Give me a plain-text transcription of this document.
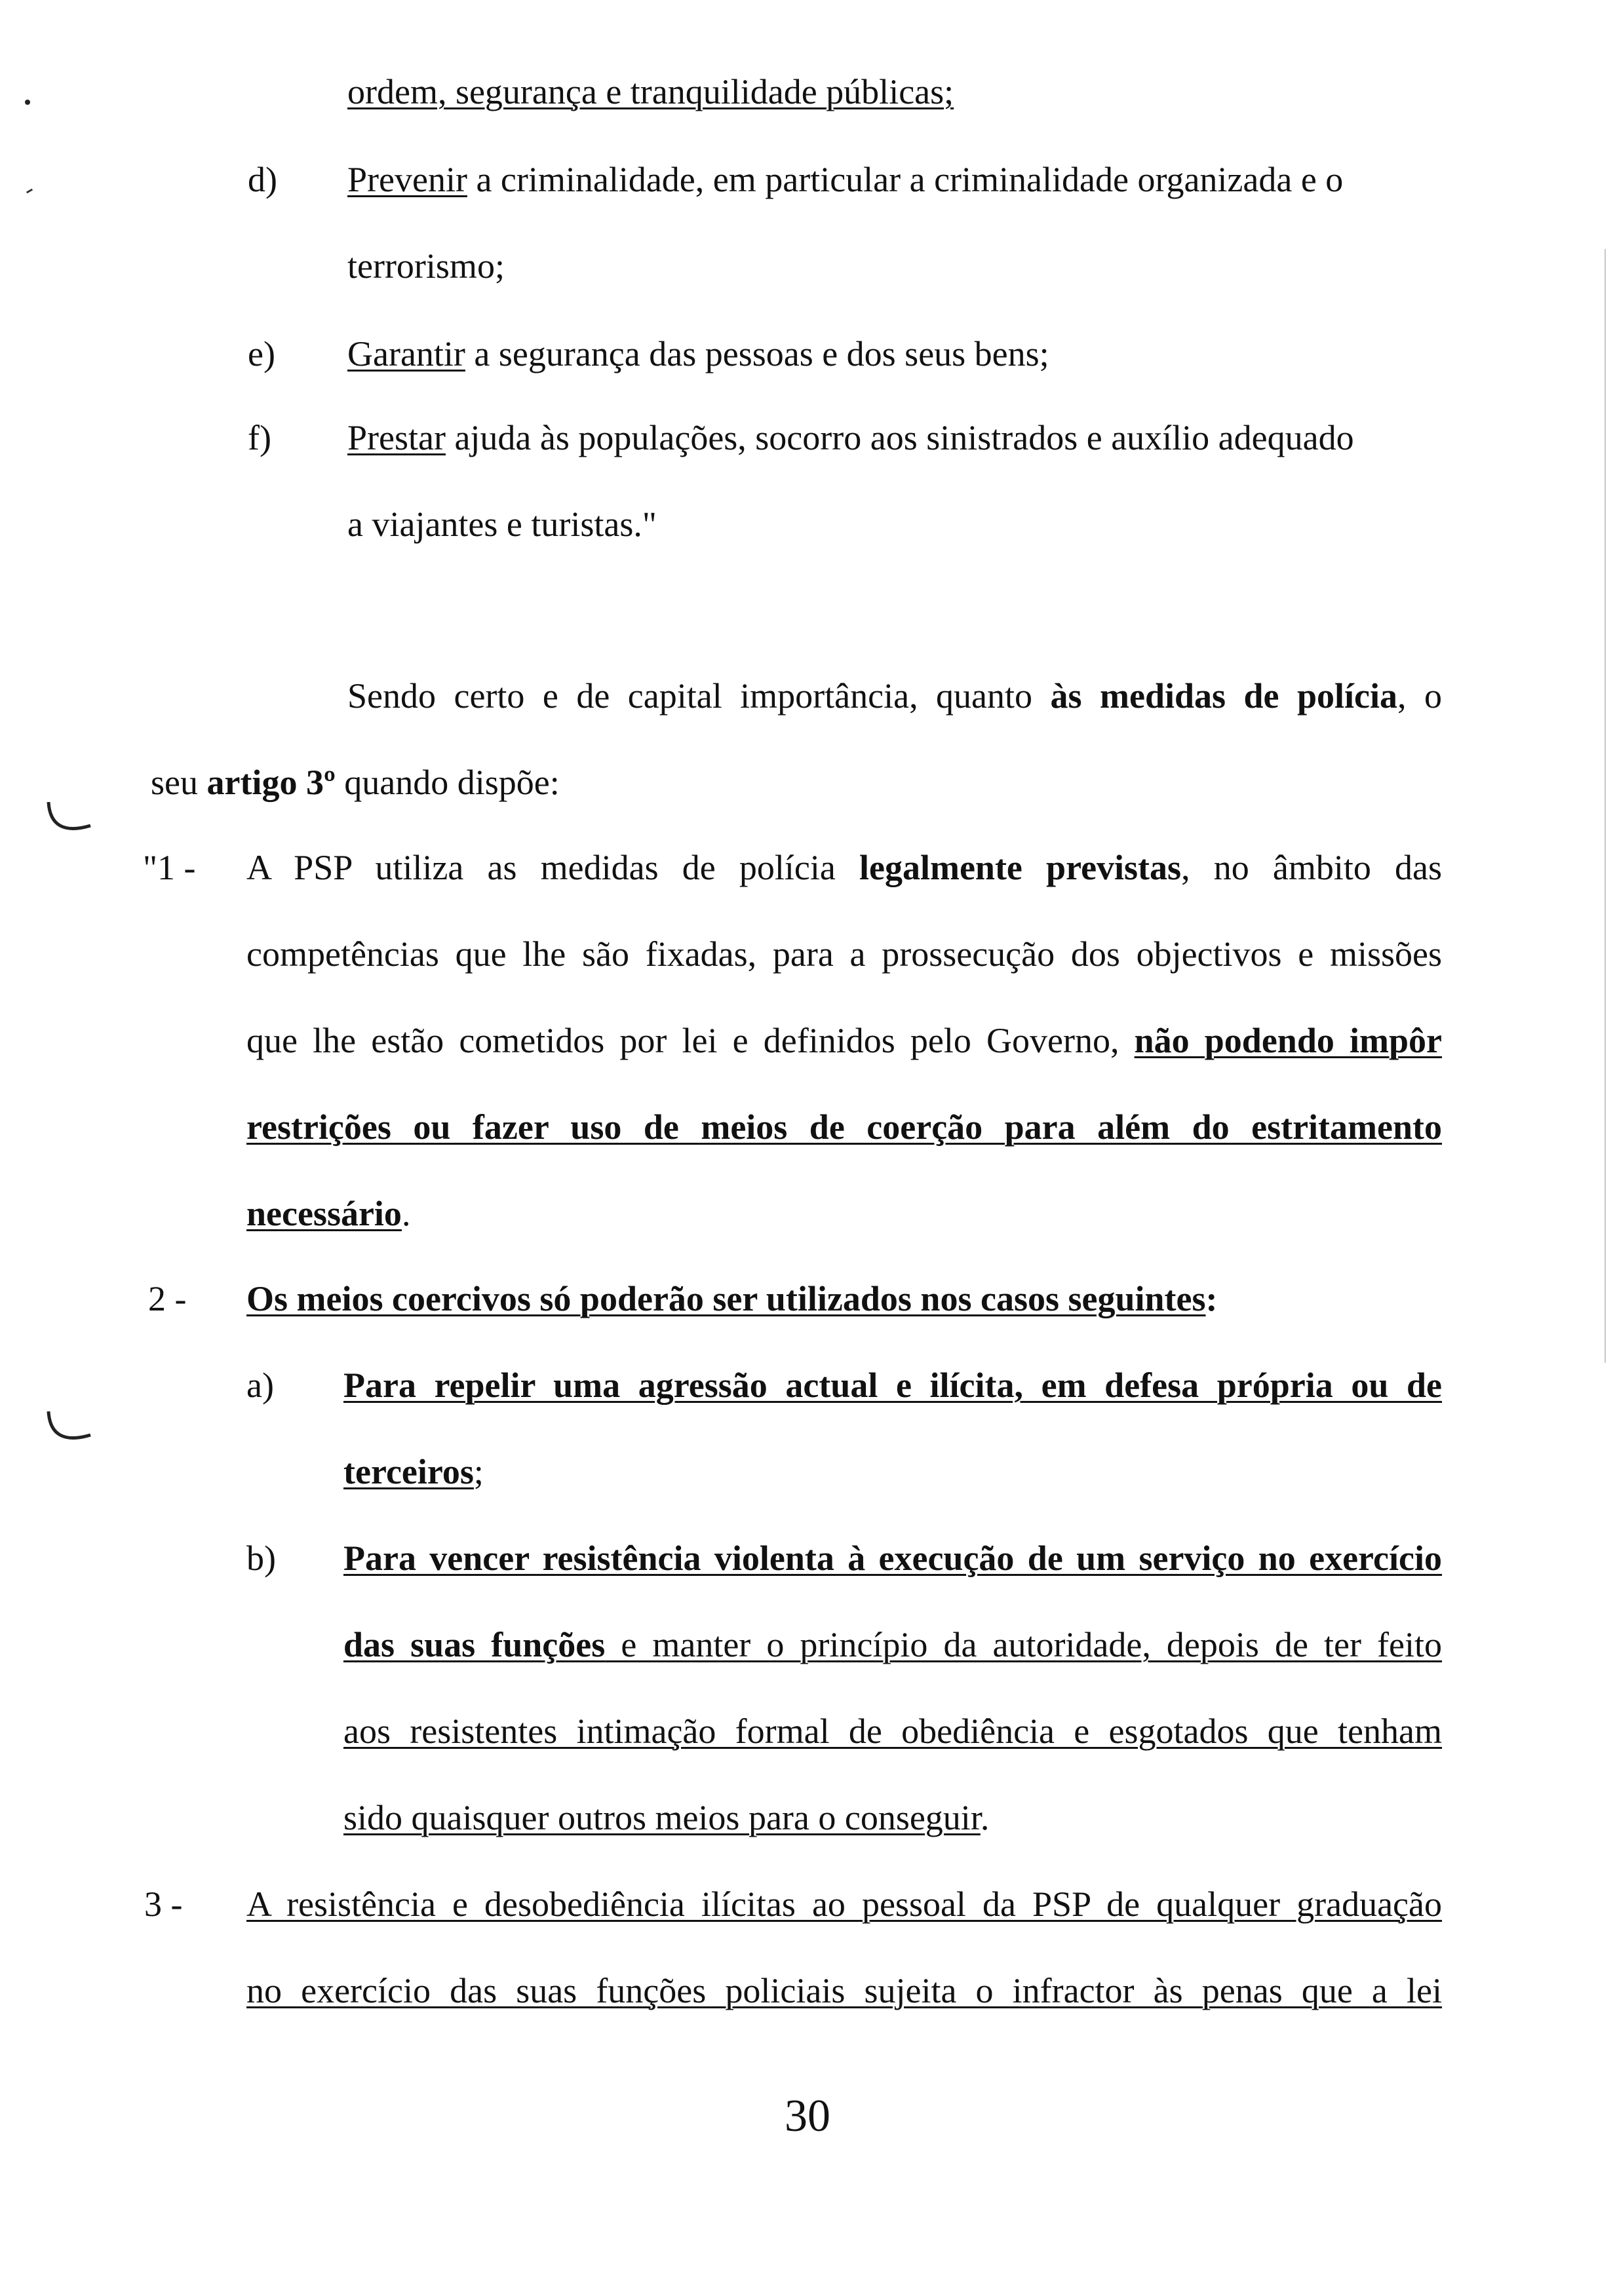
ordem, segurança e tranquilidade públicas;
d) Prevenir a criminalidade, em particular a criminalidade organizada e o
terrorismo;
e) Garantir a segurança das pessoas e dos seus bens;
f) Prestar ajuda às populações, socorro aos sinistrados e auxílio adequado
a viajantes e turistas."
Sendo certo e de capital importância, quanto às medidas de polícia, o
seu artigo 3º quando dispõe:
"1 - A PSP utiliza as medidas de polícia legalmente previstas, no âmbito das
competências que lhe são fixadas, para a prossecução dos objectivos e missões
que lhe estão cometidos por lei e definidos pelo Governo, não podendo impôr
restrições ou fazer uso de meios de coerção para além do estritamento
necessário.
2 - Os meios coercivos só poderão ser utilizados nos casos seguintes:
a) Para repelir uma agressão actual e ilícita, em defesa própria ou de
terceiros;
b) Para vencer resistência violenta à execução de um serviço no exercício
das suas funções e manter o princípio da autoridade, depois de ter feito
aos resistentes intimação formal de obediência e esgotados que tenham
sido quaisquer outros meios para o conseguir.
3 - A resistência e desobediência ilícitas ao pessoal da PSP de qualquer graduação
no exercício das suas funções policiais sujeita o infractor às penas que a lei
30
